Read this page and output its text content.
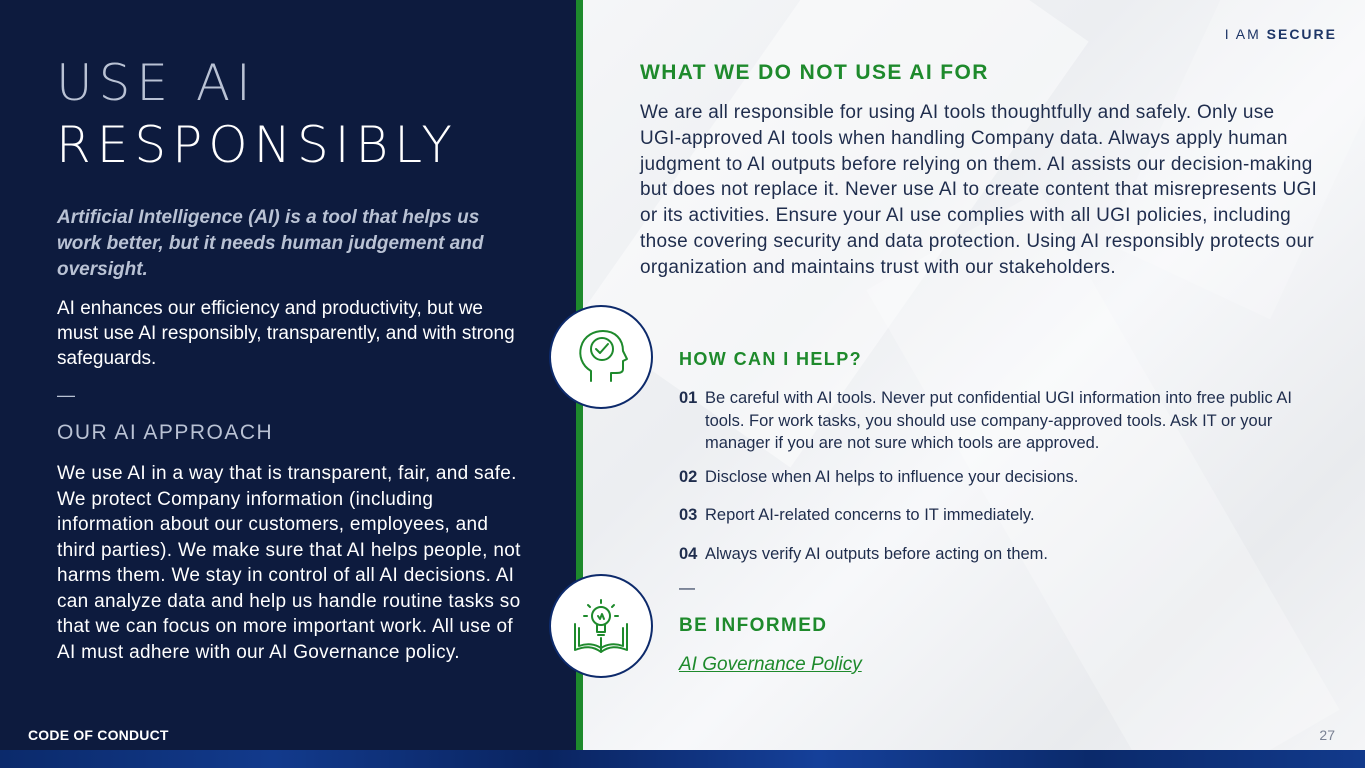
USE AI
RESPONSIBLY

Artificial Intelligence (AI) is a tool that helps us work better, but it needs human judgement and oversight.

AI enhances our efficiency and productivity, but we must use AI responsibly, transparently, and with strong safeguards.

—
OUR AI APPROACH

We use AI in a way that is transparent, fair, and safe. We protect Company information (including information about our customers, employees, and third parties). We make sure that AI helps people, not harms them. We stay in control of all AI decisions. AI can analyze data and help us handle routine tasks so that we can focus on more important work. All use of AI must adhere with our AI Governance policy.

CODE OF CONDUCT
I AM SECURE
WHAT WE DO NOT USE AI FOR

We are all responsible for using AI tools thoughtfully and safely. Only use UGI-approved AI tools when handling Company data. Always apply human judgment to AI outputs before relying on them. AI assists our decision-making but does not replace it. Never use AI to create content that misrepresents UGI or its activities. Ensure your AI use complies with all UGI policies, including those covering security and data protection. Using AI responsibly protects our organization and maintains trust with our stakeholders.

HOW CAN I HELP?
01 Be careful with AI tools. Never put confidential UGI information into free public AI tools. For work tasks, you should use company-approved tools. Ask IT or your manager if you are not sure which tools are approved.
02 Disclose when AI helps to influence your decisions.
03 Report AI-related concerns to IT immediately.
04 Always verify AI outputs before acting on them.
—
BE INFORMED
AI Governance Policy
27
